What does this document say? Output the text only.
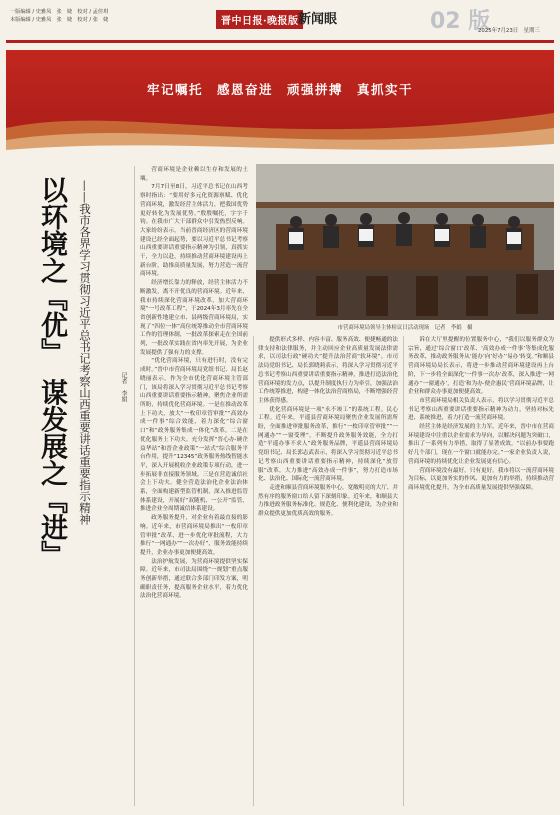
一版编辑 / 史雅凤　张　婕　校对 / 孟佳琪
本版编辑 / 史雅凤　张　婕　校对 / 张　婕	晋中日报·晚报版 新闻眼	02 版
2025年7月23日　星期三
牢记嘱托　感恩奋进　顽强拼搏　真抓实干
以环境之『优』　谋发展之『进』 ——我市各界学习贯彻习近平总书记考察山西重要讲话重要指示精神	记者　李娟
市营商环境局领导主体检议日活动现场　记者　李娟　摄

营商环境是企业赖以生存和发展的土壤。

7月7日至8日，习近平总书记在山西考察时指出：“要用好多元化资源禀赋、优化营商环境，激发经营主体活力，把我国优势更好转化为发展优势。”殷殷嘱托，字字千钧。在我市广大干部群众中引发热烈反响。大家纷纷表示，当前晋商经济区的营商环境建设已经全面起势，要以习近平总书记考察山西重要讲话重要指示精神为引领，真抓实干，全力以赴，持续推动营商环境建设再上新台阶，助推高质量发展，努力营造一流营商环境。

经济增长靠力的释放，经营主体活力不断激发，离不开优良的营商环境。近年来，我市持续深化营商环境改革，加大营商环境“一号改革工程”，于2024年3月率先在全省创新性地建立市、县两级营商环境局，实现了“四位一体”高位统筹推动全市营商环境工作的管理体制，一批改革探索走在全国前列，一批改革实践在省内率先开展，为企业发展提供了强有力的支撑。

“优化营商环境，只有进行时，没有完成时。”晋中市营商环境局党组书记、局长赵晓丽表示，作为全市优化营商环境主管部门，该局将深入学习贯彻习近平总书记考察山西重要讲话重要指示精神，聚焦企业所需所盼，持续优化营商环境。一是在推动改革上下功夫，放大“一枚印章管审批”“高效办成一件事”综合效能，着力深化“综合窗口”和“政务服务集成一体化”改革，二是在优化服务上下功夫。充分发挥“晋心办·硬企益华站”和晋企业政策“一站式”综合服务平台作用，提升“12345”政务服务热线智能水平，深入开展税收企业政策专项行动，进一步拓展非直接服务领域。三是在营造诚信社会上下功夫。健全营造法治化企业法治体系，全面构建新型监管机制，深入推进监管体系建设，开展好“双随机、一公开”监管，推进企业全周期诚信体系建设。

政务服务提升，对企业有着最直接的影响。近年来，市营商环境局推出“一枚印章管审批”改革，进一步优化审批流程，大力推行“一网通办”“一次办好”，服务效能持续提升，企业办事更加便捷高效。

法治护航发展，为营商环境提供坚实保障。近年来，市司法局围绕“一规划”重点服务创新举措，通过联合多部门印发方案，明确职责任务，提高服务企业水平，着力优化法治化营商环境。

提供形式多样、内容丰富、服务高效、便捷畅通的法律支持和法律服务，并主动回应企业高质量发展法律需求，以司法行政“硬功夫”提升法治营商“软环境”。市司法局党组书记、局长郭晓莉表示，将深入学习贯彻习近平总书记考察山西重要讲话重要指示精神，推进打造法治化营商环境的发力点，以提升制度执行力为牵引，加强法治工作统筹推进，构建一体化法治营商格局，不断增强经营主体获得感。

优化营商环境是一项“永不竣工”的系统工程。民心工程。近年来，平遥县营商环境局聚焦企业发展所需所盼，全面推进审批服务改革，推行“一枚印章管审批”“一网通办”“一窗受理”，不断提升政务服务效能，全力打造“平遥办事不求人”政务服务品牌，平遥县营商环境局党组书记、局长郭志武表示，将深入学习贯彻习近平总书记考察山西重要讲话重要指示精神，持续深化“放管服”改革，大力推进“高效办成一件事”，努力打造市场化、法治化、国际化一流营商环境。

走进和顺县营商环境服务中心，宽敞明亮的大厅、井然有序的服务窗口给人留下深刻印象。近年来，和顺县大力推进政务服务标准化、规范化、便利化建设，为企业和群众提供更加优质高效的服务。

诉在大厅里提醒的位置服务中心，“我们以服务群众为宗旨，通过‘综合窗口’改革、‘高效办成一件事’等集成化服务改革，推动政务服务从‘能办’向‘好办’‘易办’转变。”和顺县营商环境局局长表示，将进一步推动营商环境建设再上台阶，下一步将全面深化‘一件事一次办’改革，深入推进‘一网通办’‘一窗通办’，打造‘和为办·便企惠民’营商环境品牌，让企业和群众办事更加便捷高效。

市营商环境局相关负责人表示，将以学习贯彻习近平总书记考察山西重要讲话重要指示精神为动力，坚持对标先进、系统推进，着力打造一流营商环境。

经营主体是经济发展的主力军。近年来，晋中市在营商环境建设中注重以企业需求为导向，以解决问题为突破口，推出了一系列有力举措，取得了显著成效。“以前办事要跑好几个部门，现在一个窗口就能办完。”一家企业负责人说，营商环境的持续优化让企业发展更有信心。

营商环境没有最好，只有更好。我市将以一流营商环境为目标，以更加务实的作风、更加有力的举措，持续推动营商环境优化提升，为全市高质量发展提供坚强保障。
